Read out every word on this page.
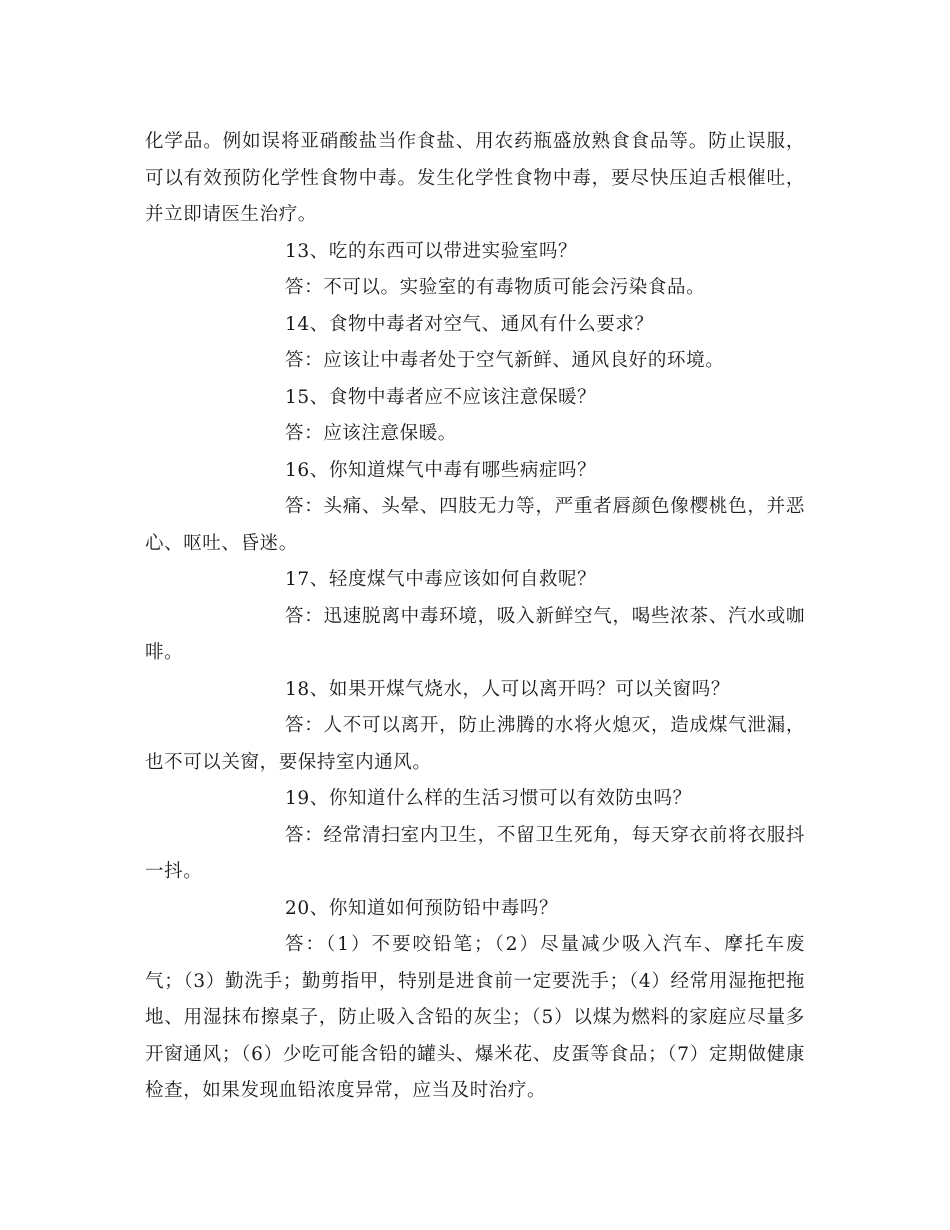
化学品。例如误将亚硝酸盐当作食盐、用农药瓶盛放熟食食品等。防止误服，可以有效预防化学性食物中毒。发生化学性食物中毒，要尽快压迫舌根催吐，并立即请医生治疗。

13、吃的东西可以带进实验室吗？

答：不可以。实验室的有毒物质可能会污染食品。

14、食物中毒者对空气、通风有什么要求？

答：应该让中毒者处于空气新鲜、通风良好的环境。

15、食物中毒者应不应该注意保暖？

答：应该注意保暖。

16、你知道煤气中毒有哪些病症吗？

答：头痛、头晕、四肢无力等，严重者唇颜色像樱桃色，并恶心、呕吐、昏迷。

17、轻度煤气中毒应该如何自救呢？

答：迅速脱离中毒环境，吸入新鲜空气，喝些浓茶、汽水或咖啡。

18、如果开煤气烧水，人可以离开吗？可以关窗吗？

答：人不可以离开，防止沸腾的水将火熄灭，造成煤气泄漏，也不可以关窗，要保持室内通风。

19、你知道什么样的生活习惯可以有效防虫吗？

答：经常清扫室内卫生，不留卫生死角，每天穿衣前将衣服抖一抖。

20、你知道如何预防铅中毒吗？

答：（1）不要咬铅笔；（2）尽量减少吸入汽车、摩托车废气；（3）勤洗手；勤剪指甲，特别是进食前一定要洗手；（4）经常用湿拖把拖地、用湿抹布擦桌子，防止吸入含铅的灰尘；（5）以煤为燃料的家庭应尽量多开窗通风；（6）少吃可能含铅的罐头、爆米花、皮蛋等食品；（7）定期做健康检查，如果发现血铅浓度异常，应当及时治疗。
